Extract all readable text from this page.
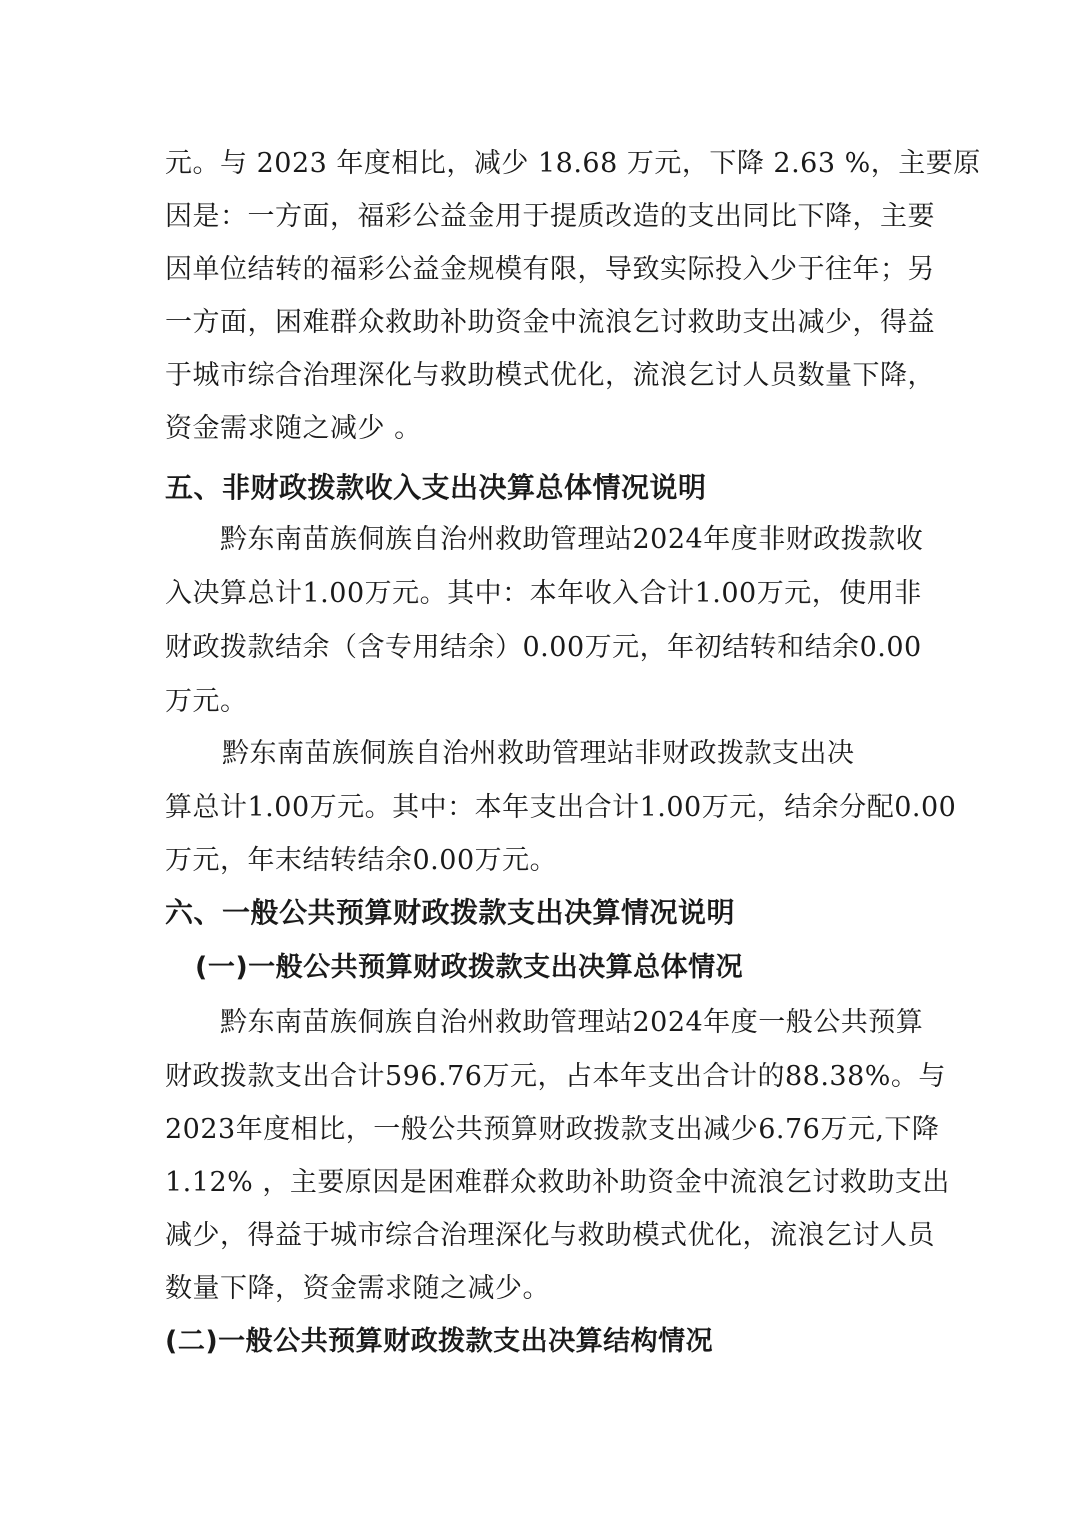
元。与 2023 年度相比，减少 18.68 万元，下降 2.63 %，主要原
因是：一方面，福彩公益金用于提质改造的支出同比下降，主要
因单位结转的福彩公益金规模有限，导致实际投入少于往年；另
一方面，困难群众救助补助资金中流浪乞讨救助支出减少，得益
于城市综合治理深化与救助模式优化，流浪乞讨人员数量下降，
资金需求随之减少 。
五、非财政拨款收入支出决算总体情况说明
黔东南苗族侗族自治州救助管理站2024年度非财政拨款收
入决算总计1.00万元。其中：本年收入合计1.00万元，使用非
财政拨款结余（含专用结余）0.00万元，年初结转和结余0.00
万元。
黔东南苗族侗族自治州救助管理站非财政拨款支出决
算总计1.00万元。其中：本年支出合计1.00万元，结余分配0.00
万元，年末结转结余0.00万元。
六、一般公共预算财政拨款支出决算情况说明
(一)一般公共预算财政拨款支出决算总体情况
黔东南苗族侗族自治州救助管理站2024年度一般公共预算
财政拨款支出合计596.76万元，占本年支出合计的88.38%。与
2023年度相比，一般公共预算财政拨款支出减少6.76万元,下降
1.12% ，主要原因是困难群众救助补助资金中流浪乞讨救助支出
减少，得益于城市综合治理深化与救助模式优化，流浪乞讨人员
数量下降，资金需求随之减少。
(二)一般公共预算财政拨款支出决算结构情况
